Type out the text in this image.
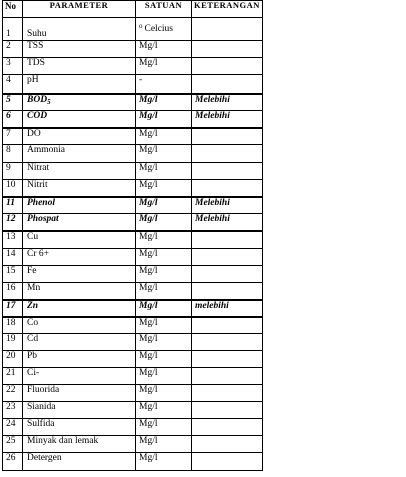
No	PARAMETER	SATUAN	KETERANGAN
1	Suhu	$^o$ Celcius	
2	TSS	Mg/l	
3	TDS	Mg/l	
4	pH	-	
5	$BOD_5$	Mg/l	Melebihi
6	COD	Mg/l	Melebihi
7	DO	Mg/l	
8	Ammonia	Mg/l	
9	Nitrat	Mg/l	
10	Nitrit	Mg/l	
11	Phenol	Mg/l	Melebihi
12	Phospat	Mg/l	Melebihi
13	Cu	Mg/l	
14	Cr 6+	Mg/l	
15	Fe	Mg/l	
16	Mn	Mg/l	
17	Zn	Mg/l	melebihi
18	Co	Mg/l	
19	Cd	Mg/l	
20	Pb	Mg/l	
21	Ci-	Mg/l	
22	Fluorida	Mg/l	
23	Sianida	Mg/l	
24	Sulfida	Mg/l	
25	Minyak dan lemak	Mg/l	
26	Detergen	Mg/l	
